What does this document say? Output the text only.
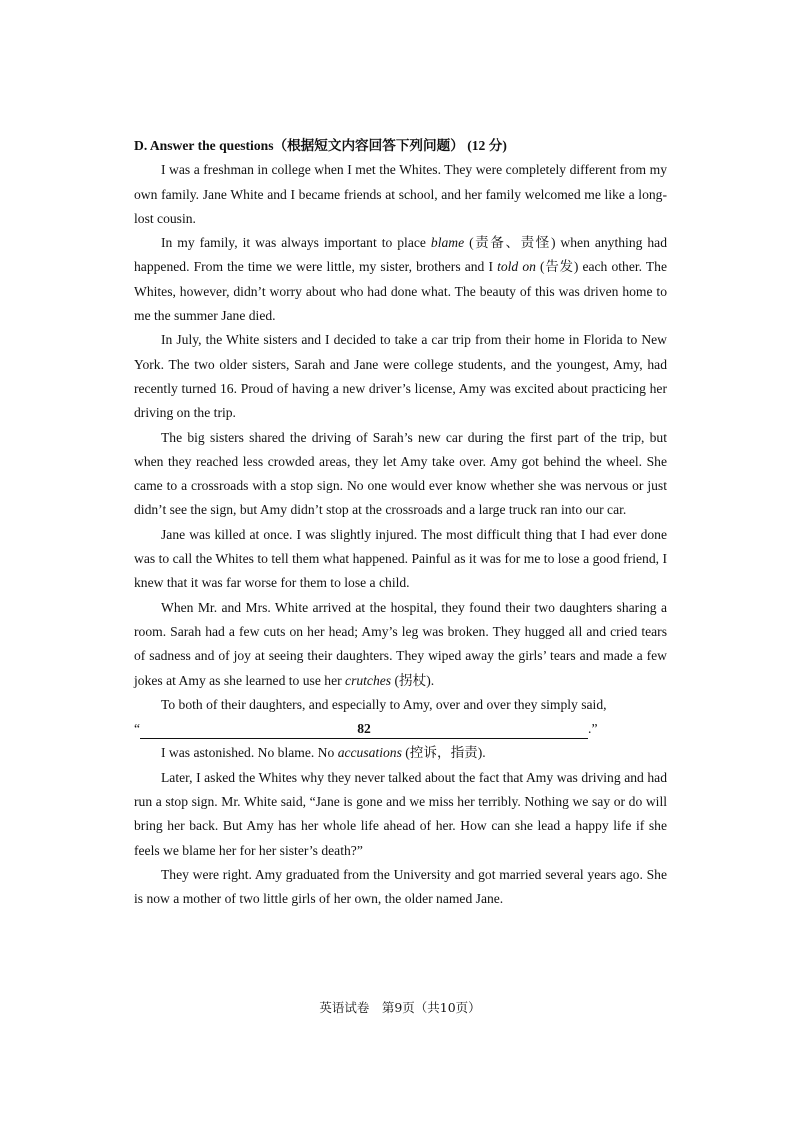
D. Answer the questions（根据短文内容回答下列问题） (12 分)

I was a freshman in college when I met the Whites. They were completely different from my own family. Jane White and I became friends at school, and her family welcomed me like a long-lost cousin.

In my family, it was always important to place blame (责备、责怪) when anything had happened. From the time we were little, my sister, brothers and I told on (告发) each other. The Whites, however, didn’t worry about who had done what. The beauty of this was driven home to me the summer Jane died.

In July, the White sisters and I decided to take a car trip from their home in Florida to New York. The two older sisters, Sarah and Jane were college students, and the youngest, Amy, had recently turned 16. Proud of having a new driver’s license, Amy was excited about practicing her driving on the trip.

The big sisters shared the driving of Sarah’s new car during the first part of the trip, but when they reached less crowded areas, they let Amy take over. Amy got behind the wheel. She came to a crossroads with a stop sign. No one would ever know whether she was nervous or just didn’t see the sign, but Amy didn’t stop at the crossroads and a large truck ran into our car.

Jane was killed at once. I was slightly injured. The most difficult thing that I had ever done was to call the Whites to tell them what happened. Painful as it was for me to lose a good friend, I knew that it was far worse for them to lose a child.

When Mr. and Mrs. White arrived at the hospital, they found their two daughters sharing a room. Sarah had a few cuts on her head; Amy’s leg was broken. They hugged all and cried tears of sadness and of joy at seeing their daughters. They wiped away the girls’ tears and made a few jokes at Amy as she learned to use her crutches (拐杖).

To both of their daughters, and especially to Amy, over and over they simply said,

“	82	.”

I was astonished. No blame. No accusations (控诉，指责).

Later, I asked the Whites why they never talked about the fact that Amy was driving and had run a stop sign. Mr. White said, “Jane is gone and we miss her terribly. Nothing we say or do will bring her back. But Amy has her whole life ahead of her. How can she lead a happy life if she feels we blame her for her sister’s death?”

They were right. Amy graduated from the University and got married several years ago. She is now a mother of two little girls of her own, the older named Jane.

英语试卷　第9页（共10页）
